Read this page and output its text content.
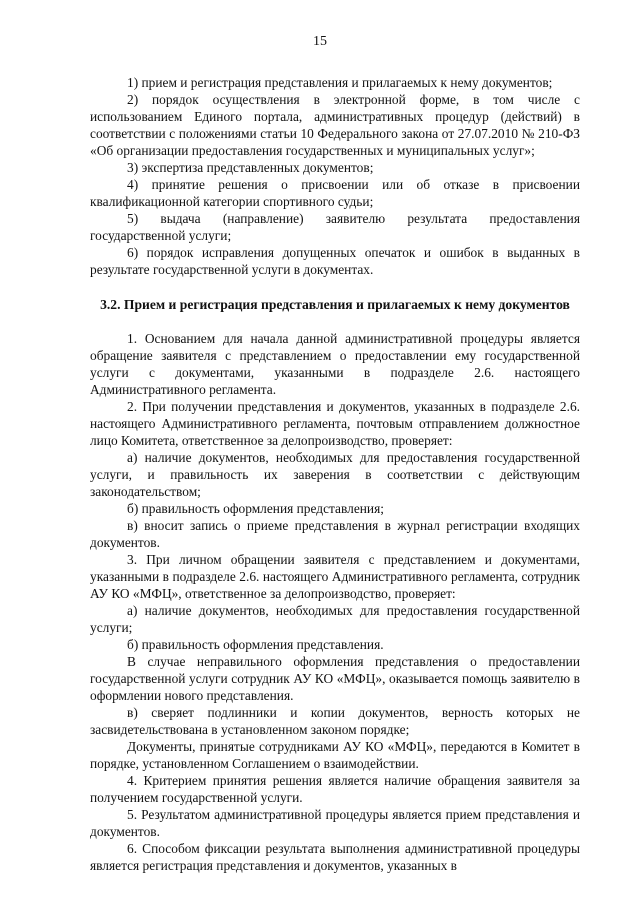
15

1) прием и регистрация представления и прилагаемых к нему документов;

2) порядок осуществления в электронной форме, в том числе с использованием Единого портала, административных процедур (действий) в соответствии с положениями статьи 10 Федерального закона от 27.07.2010 № 210-ФЗ «Об организации предоставления государственных и муниципальных услуг»;

3) экспертиза представленных документов;

4) принятие решения о присвоении или об отказе в присвоении квалификационной категории спортивного судьи;

5) выдача (направление) заявителю результата предоставления государственной услуги;

6) порядок исправления допущенных опечаток и ошибок в выданных в результате государственной услуги в документах.

3.2. Прием и регистрация представления и прилагаемых к нему документов

1. Основанием для начала данной административной процедуры является обращение заявителя с представлением о предоставлении ему государственной услуги с документами, указанными в подразделе 2.6. настоящего Административного регламента.

2. При получении представления и документов, указанных в подразделе 2.6. настоящего Административного регламента, почтовым отправлением должностное лицо Комитета, ответственное за делопроизводство, проверяет:

а) наличие документов, необходимых для предоставления государственной услуги, и правильность их заверения в соответствии с действующим законодательством;

б) правильность оформления представления;

в) вносит запись о приеме представления в журнал регистрации входящих документов.

3. При личном обращении заявителя с представлением и документами, указанными в подразделе 2.6. настоящего Административного регламента, сотрудник АУ КО «МФЦ», ответственное за делопроизводство, проверяет:

а) наличие документов, необходимых для предоставления государственной услуги;

б) правильность оформления представления.

В случае неправильного оформления представления о предоставлении государственной услуги сотрудник АУ КО «МФЦ», оказывается помощь заявителю в оформлении нового представления.

в) сверяет подлинники и копии документов, верность которых не засвидетельствована в установленном законом порядке;

Документы, принятые сотрудниками АУ КО «МФЦ», передаются в Комитет в порядке, установленном Соглашением о взаимодействии.

4. Критерием принятия решения является наличие обращения заявителя за получением государственной услуги.

5. Результатом административной процедуры является прием представления и документов.

6. Способом фиксации результата выполнения административной процедуры является регистрация представления и документов, указанных в
